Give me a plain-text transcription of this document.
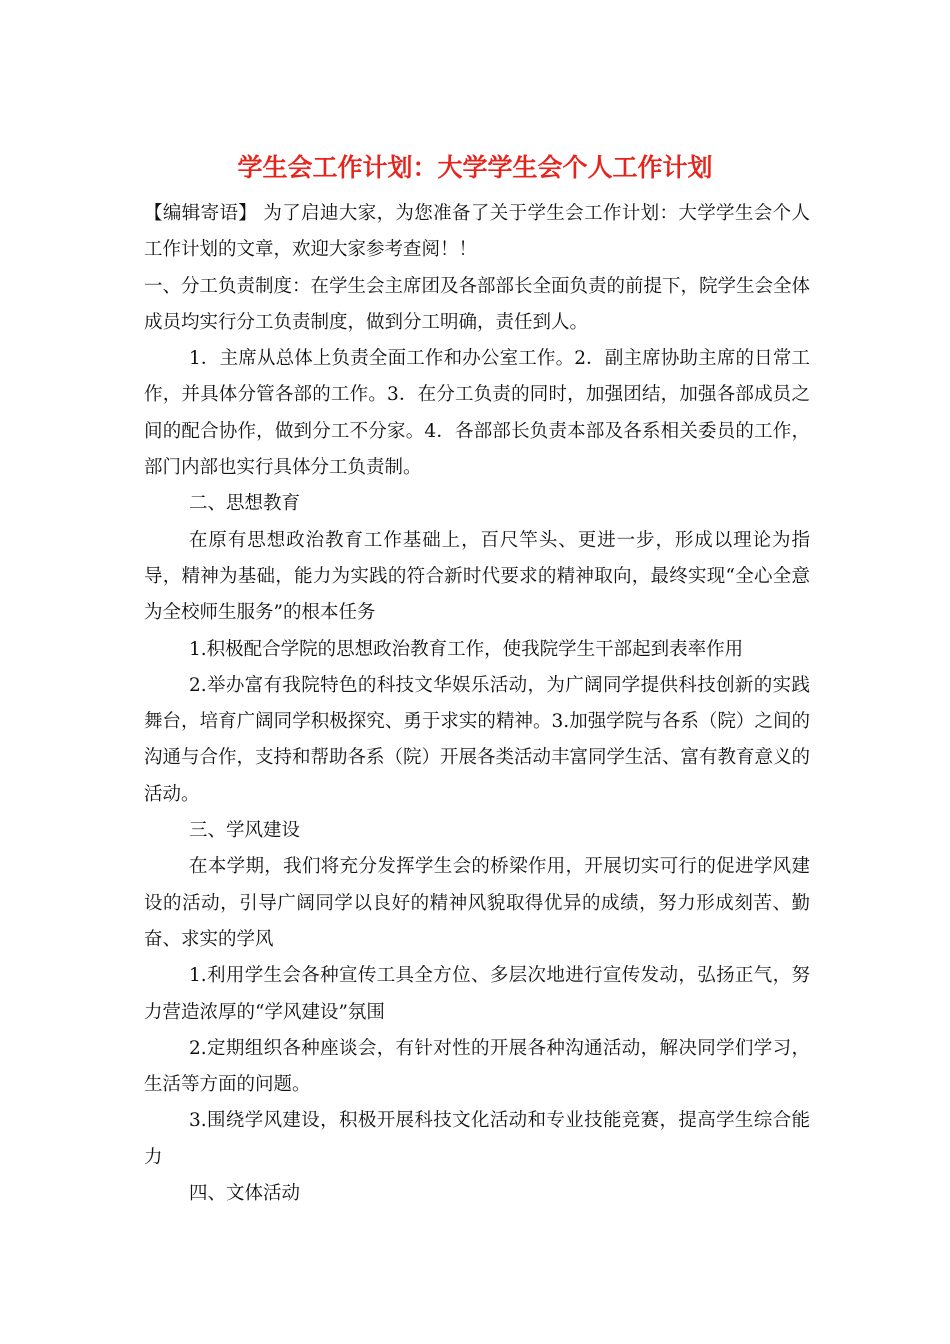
学生会工作计划：大学学生会个人工作计划

【编辑寄语】 为了启迪大家，为您准备了关于学生会工作计划：大学学生会个人工作计划的文章，欢迎大家参考查阅！！

一、分工负责制度：在学生会主席团及各部部长全面负责的前提下，院学生会全体成员均实行分工负责制度，做到分工明确，责任到人。

1．主席从总体上负责全面工作和办公室工作。2．副主席协助主席的日常工作，并具体分管各部的工作。3．在分工负责的同时，加强团结，加强各部成员之间的配合协作，做到分工不分家。4．各部部长负责本部及各系相关委员的工作，部门内部也实行具体分工负责制。

二、思想教育

在原有思想政治教育工作基础上，百尺竿头、更进一步，形成以理论为指导，精神为基础，能力为实践的符合新时代要求的精神取向，最终实现“全心全意为全校师生服务”的根本任务

1.积极配合学院的思想政治教育工作，使我院学生干部起到表率作用

2.举办富有我院特色的科技文华娱乐活动，为广阔同学提供科技创新的实践舞台，培育广阔同学积极探究、勇于求实的精神。3.加强学院与各系（院）之间的沟通与合作，支持和帮助各系（院）开展各类活动丰富同学生活、富有教育意义的活动。

三、学风建设

在本学期，我们将充分发挥学生会的桥梁作用，开展切实可行的促进学风建设的活动，引导广阔同学以良好的精神风貌取得优异的成绩，努力形成刻苦、勤奋、求实的学风

1.利用学生会各种宣传工具全方位、多层次地进行宣传发动，弘扬正气，努力营造浓厚的“学风建设”氛围

2.定期组织各种座谈会，有针对性的开展各种沟通活动，解决同学们学习，生活等方面的问题。

3.围绕学风建设，积极开展科技文化活动和专业技能竞赛，提高学生综合能力

四、文体活动
